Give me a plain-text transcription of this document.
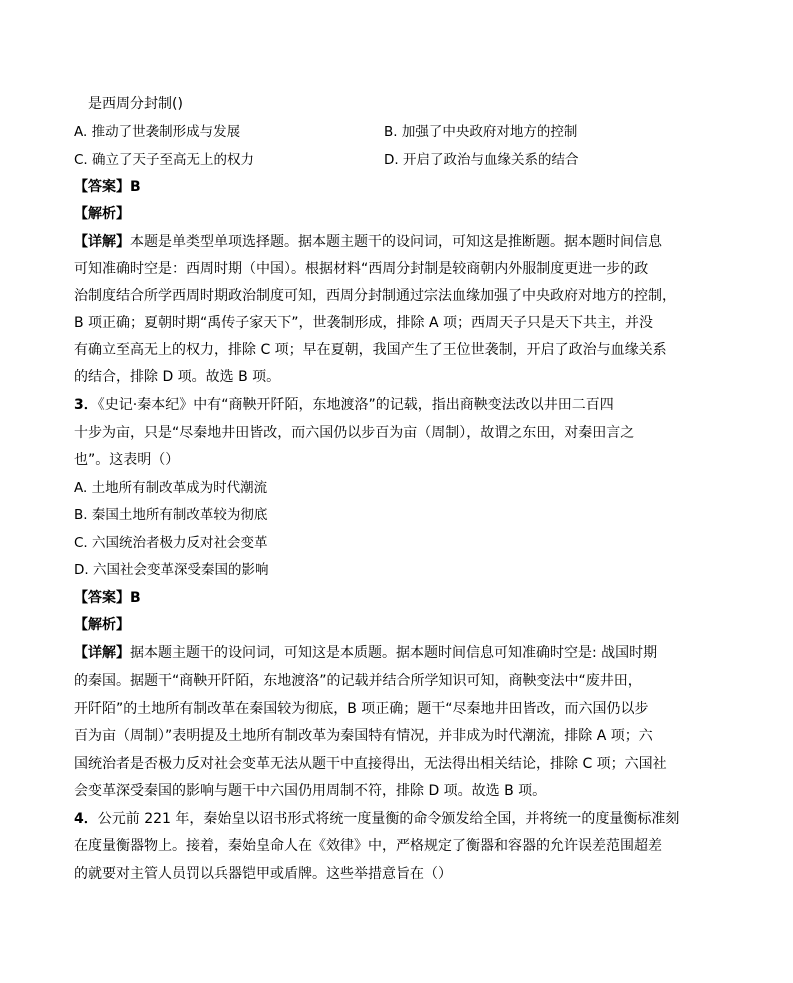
是西周分封制()
A. 推动了世袭制形成与发展	B. 加强了中央政府对地方的控制
C. 确立了天子至高无上的权力	D. 开启了政治与血缘关系的结合
【答案】B
【解析】
【详解】本题是单类型单项选择题。据本题主题干的设问词，可知这是推断题。据本题时间信息
可知准确时空是：西周时期（中国）。根据材料“西周分封制是较商朝内外服制度更进一步的政
治制度结合所学西周时期政治制度可知，西周分封制通过宗法血缘加强了中央政府对地方的控制，
B 项正确；夏朝时期“禹传子家天下”，世袭制形成，排除 A 项；西周天子只是天下共主，并没
有确立至高无上的权力，排除 C 项；早在夏朝，我国产生了王位世袭制，开启了政治与血缘关系
的结合，排除 D 项。故选 B 项。
3．《史记·秦本纪》中有“商鞅开阡陌，东地渡洛”的记载，指出商鞅变法改以井田二百四
十步为亩，只是“尽秦地井田皆改，而六国仍以步百为亩（周制），故谓之东田，对秦田言之
也”。这表明（）
A. 土地所有制改革成为时代潮流
B. 秦国土地所有制改革较为彻底
C. 六国统治者极力反对社会变革
D. 六国社会变革深受秦国的影响
【答案】B
【解析】
【详解】据本题主题干的设问词，可知这是本质题。据本题时间信息可知准确时空是: 战国时期
的秦国。据题干“商鞅开阡陌，东地渡洛”的记载并结合所学知识可知，商鞅变法中“废井田，
开阡陌”的土地所有制改革在秦国较为彻底，B 项正确；题干“尽秦地井田皆改，而六国仍以步
百为亩（周制）”表明提及土地所有制改革为秦国特有情况，并非成为时代潮流，排除 A 项；六
国统治者是否极力反对社会变革无法从题干中直接得出，无法得出相关结论，排除 C 项；六国社
会变革深受秦国的影响与题干中六国仍用周制不符，排除 D 项。故选 B 项。
4．公元前 221 年，秦始皇以诏书形式将统一度量衡的命令颁发给全国，并将统一的度量衡标准刻
在度量衡器物上。接着，秦始皇命人在《效律》中，严格规定了衡器和容器的允许误差范围超差
的就要对主管人员罚以兵器铠甲或盾牌。这些举措意旨在（）
